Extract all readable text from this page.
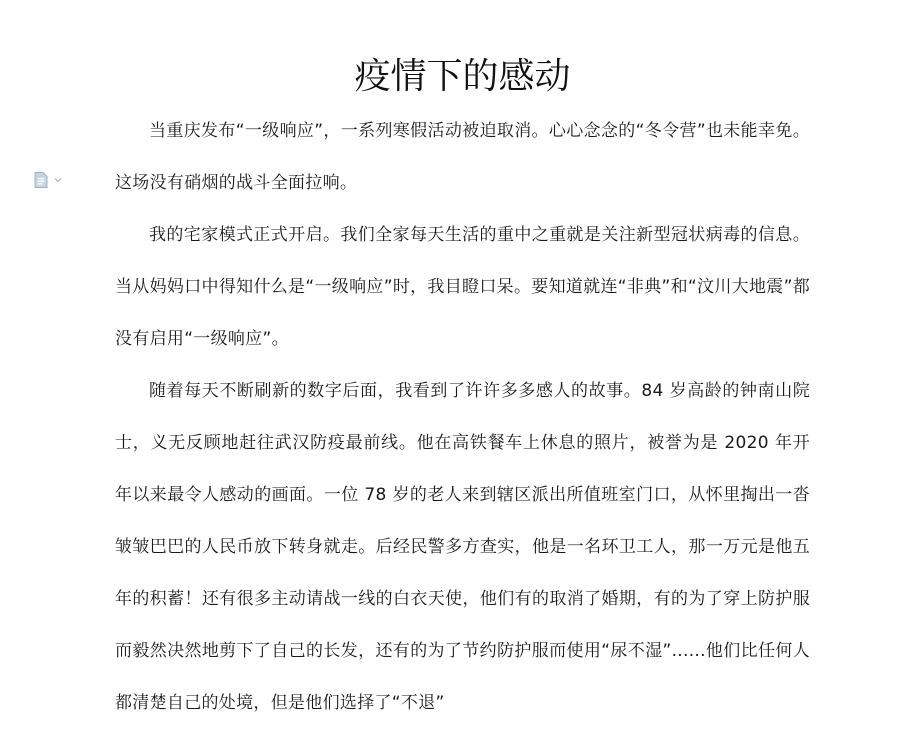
疫情下的感动

当重庆发布“一级响应”，一系列寒假活动被迫取消。心心念念的“冬令营”也未能幸免。这场没有硝烟的战斗全面拉响。

我的宅家模式正式开启。我们全家每天生活的重中之重就是关注新型冠状病毒的信息。当从妈妈口中得知什么是“一级响应”时，我目瞪口呆。要知道就连“非典”和“汶川大地震”都没有启用“一级响应”。

随着每天不断刷新的数字后面，我看到了许许多多感人的故事。84 岁高龄的钟南山院士，义无反顾地赶往武汉防疫最前线。他在高铁餐车上休息的照片，被誉为是 2020 年开年以来最令人感动的画面。一位 78 岁的老人来到辖区派出所值班室门口，从怀里掏出一沓皱皱巴巴的人民币放下转身就走。后经民警多方查实，他是一名环卫工人，那一万元是他五年的积蓄！还有很多主动请战一线的白衣天使，他们有的取消了婚期，有的为了穿上防护服而毅然决然地剪下了自己的长发，还有的为了节约防护服而使用“尿不湿”......他们比任何人都清楚自己的处境，但是他们选择了“不退”
